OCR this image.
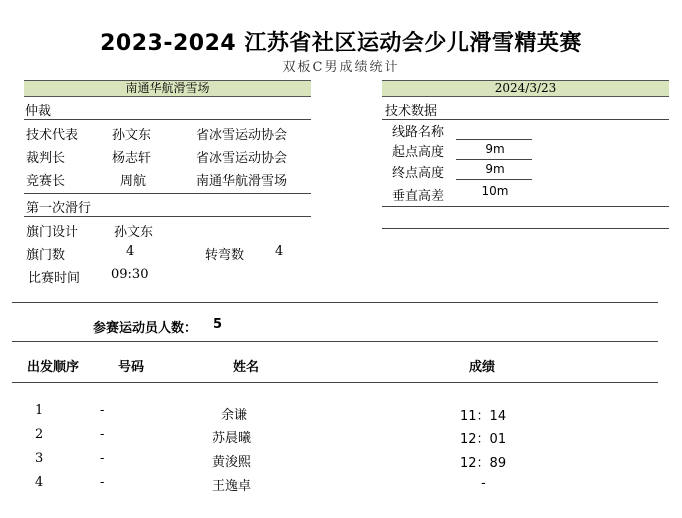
2023-2024 江苏省社区运动会少儿滑雪精英赛
双板C男成绩统计
南通华航滑雪场	2024/3/23
仲裁
技术代表	孙文东	省冰雪运动协会
裁判长	杨志轩	省冰雪运动协会
竞赛长	周航	南通华航滑雪场
第一次滑行
旗门设计	孙文东
旗门数	4	转弯数 4
比赛时间 09:30
技术数据
线路名称
起点高度	9m
终点高度	9m
垂直高差	10m
参赛运动员人数： 5
出发顺序	号码	姓名	成绩
1	-	余谦	11：14
2	-	苏晨曦	12：01
3	-	黄浚熙	12：89
4	-	王逸卓	-
